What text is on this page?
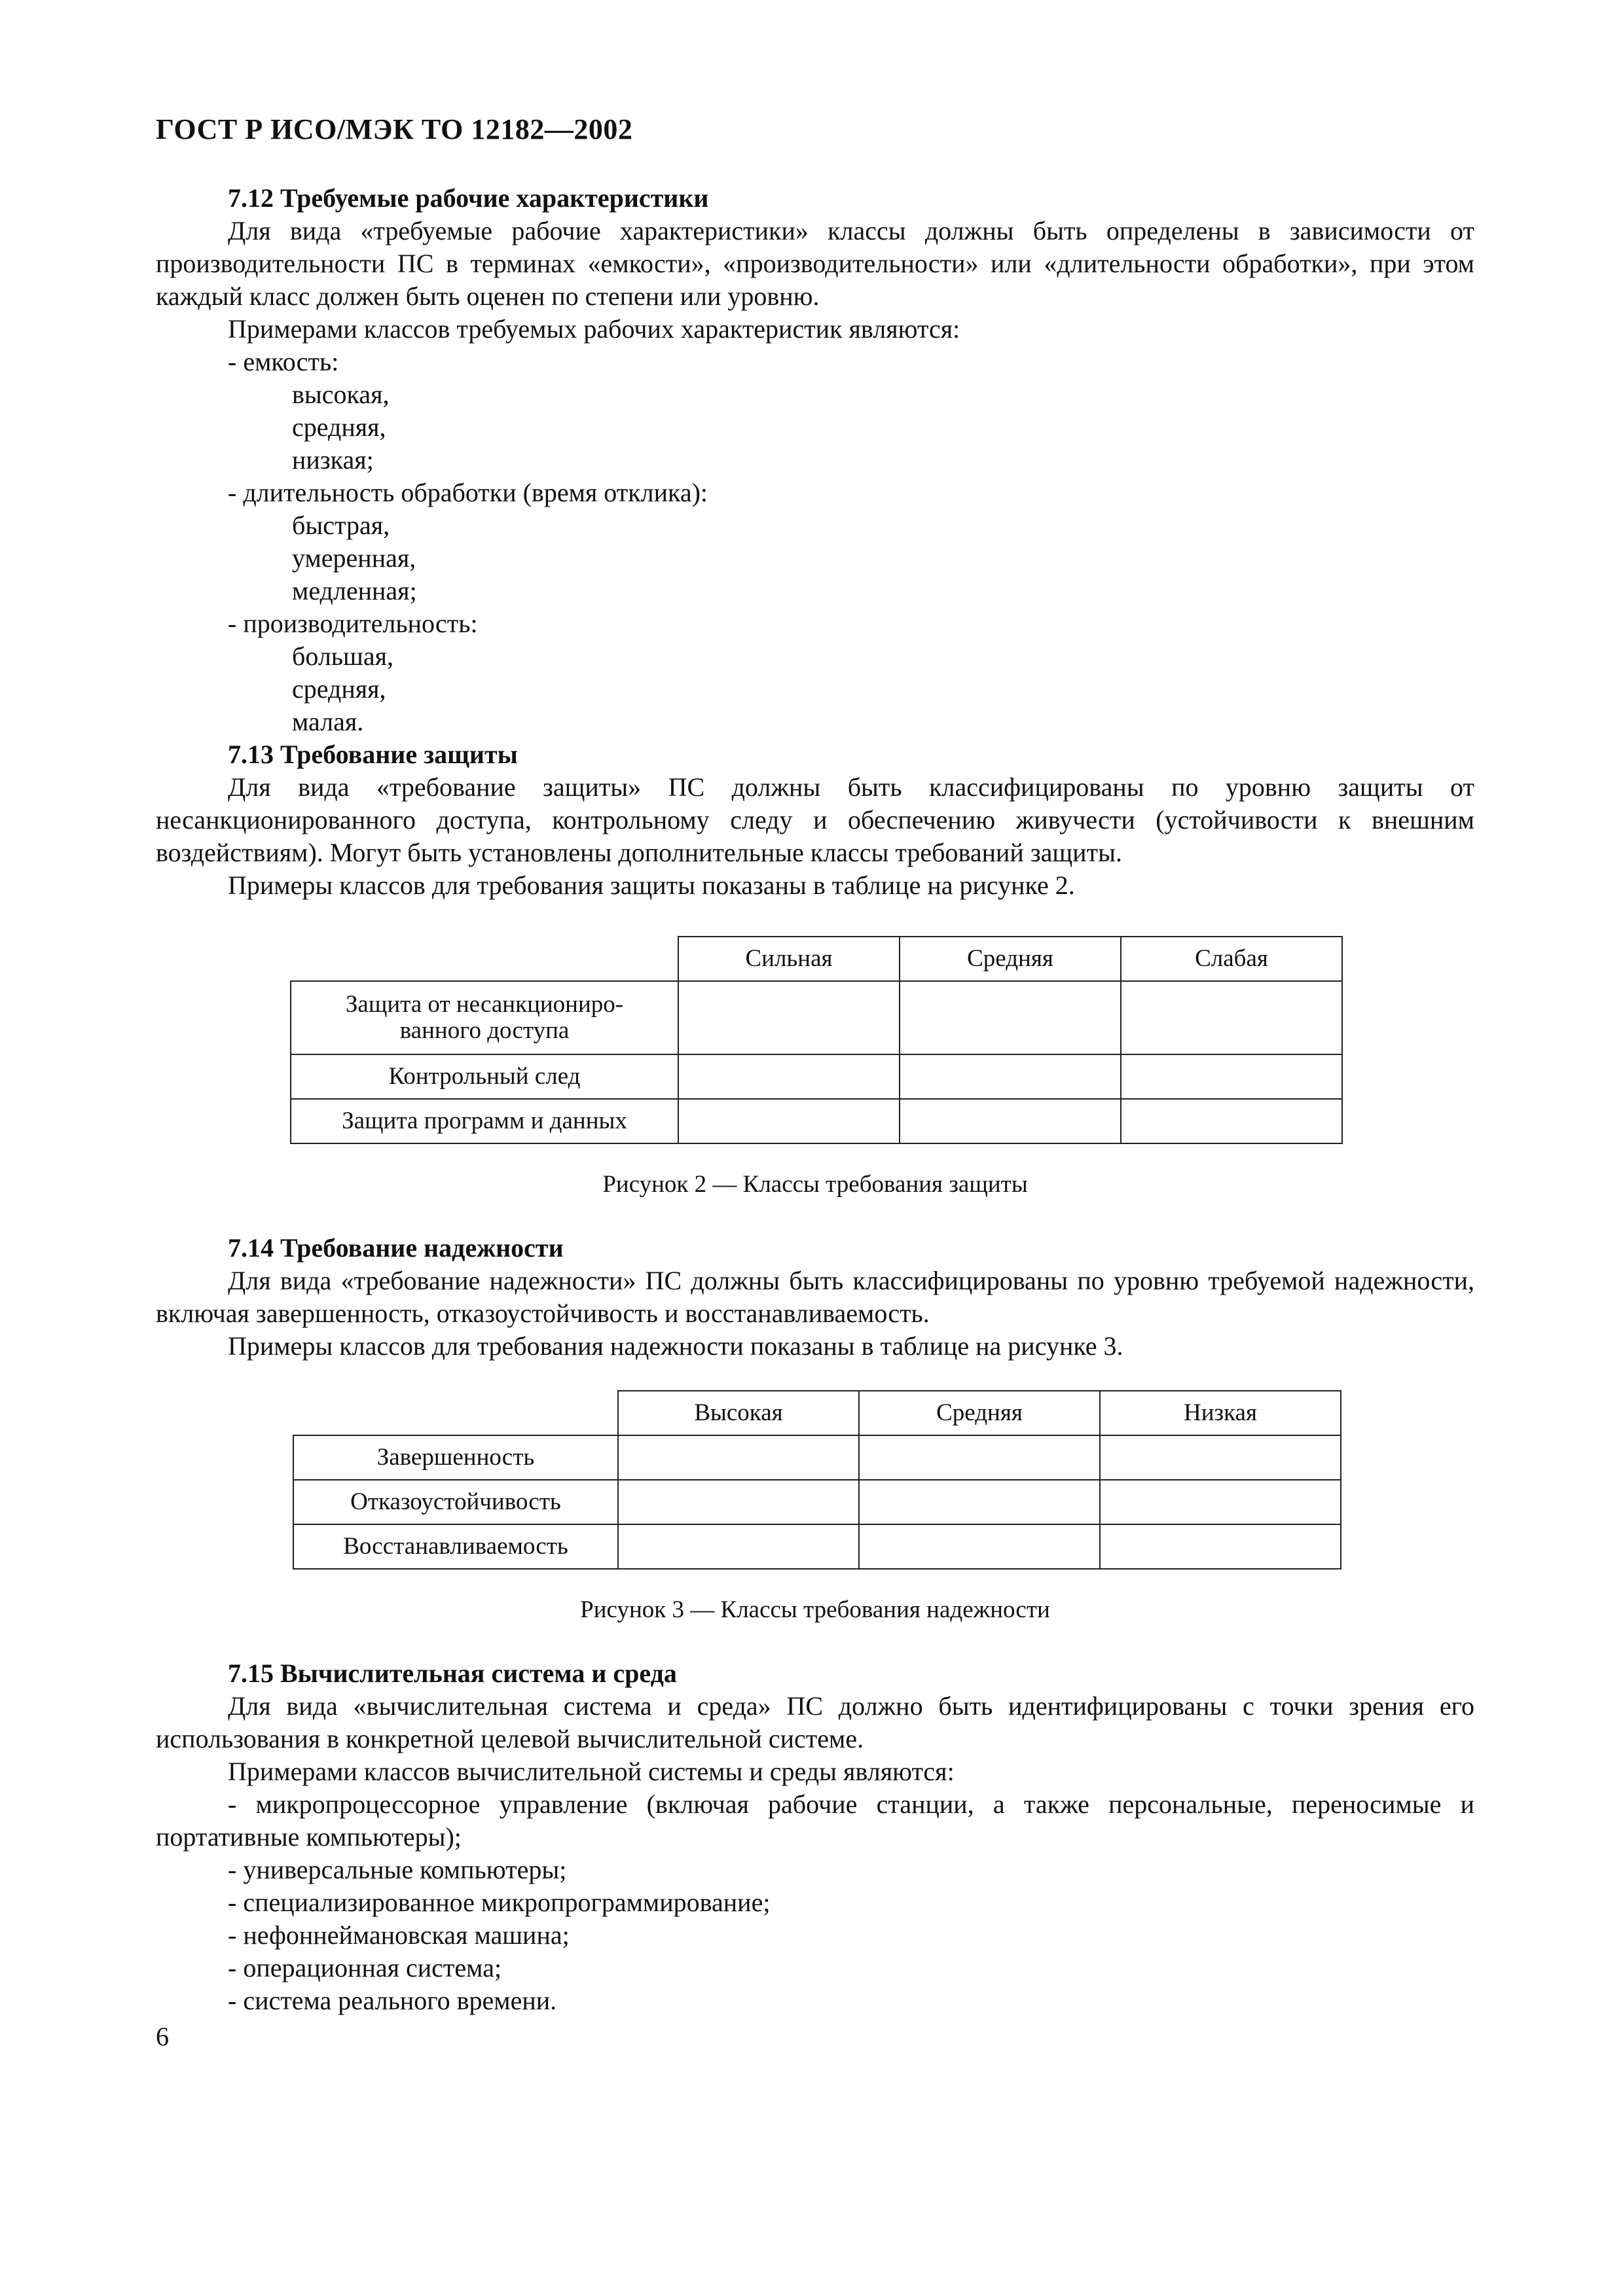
ГОСТ Р ИСО/МЭК ТО 12182—2002
7.12 Требуемые рабочие характеристики

Для вида «требуемые рабочие характеристики» классы должны быть определены в зависимости от производительности ПС в терминах «емкости», «производительности» или «длительности обработки», при этом каждый класс должен быть оценен по степени или уровню.

Примерами классов требуемых рабочих характеристик являются:

- емкость:
высокая,
средняя,
низкая;
- длительность обработки (время отклика):
быстрая,
умеренная,
медленная;
- производительность:
большая,
средняя,
малая.
7.13 Требование защиты

Для вида «требование защиты» ПС должны быть классифицированы по уровню защиты от несанкционированного доступа, контрольному следу и обеспечению живучести (устойчивости к внешним воздействиям). Могут быть установлены дополнительные классы требований защиты.

Примеры классов для требования защиты показаны в таблице на рисунке 2.

	Сильная	Средняя	Слабая
Защита от несанкциониро-
ванного доступа			
Контрольный след			
Защита программ и данных			
Рисунок 2 — Классы требования защиты
7.14 Требование надежности

Для вида «требование надежности» ПС должны быть классифицированы по уровню требуемой надежности, включая завершенность, отказоустойчивость и восстанавливаемость.

Примеры классов для требования надежности показаны в таблице на рисунке 3.

	Высокая	Средняя	Низкая
Завершенность			
Отказоустойчивость			
Восстанавливаемость			
Рисунок 3 — Классы требования надежности
7.15 Вычислительная система и среда

Для вида «вычислительная система и среда» ПС должно быть идентифицированы с точки зрения его использования в конкретной целевой вычислительной системе.

Примерами классов вычислительной системы и среды являются:

- микропроцессорное управление (включая рабочие станции, а также персональные, переносимые и портативные компьютеры);
- универсальные компьютеры;
- специализированное микропрограммирование;
- нефоннеймановская машина;
- операционная система;
- система реального времени.
6
